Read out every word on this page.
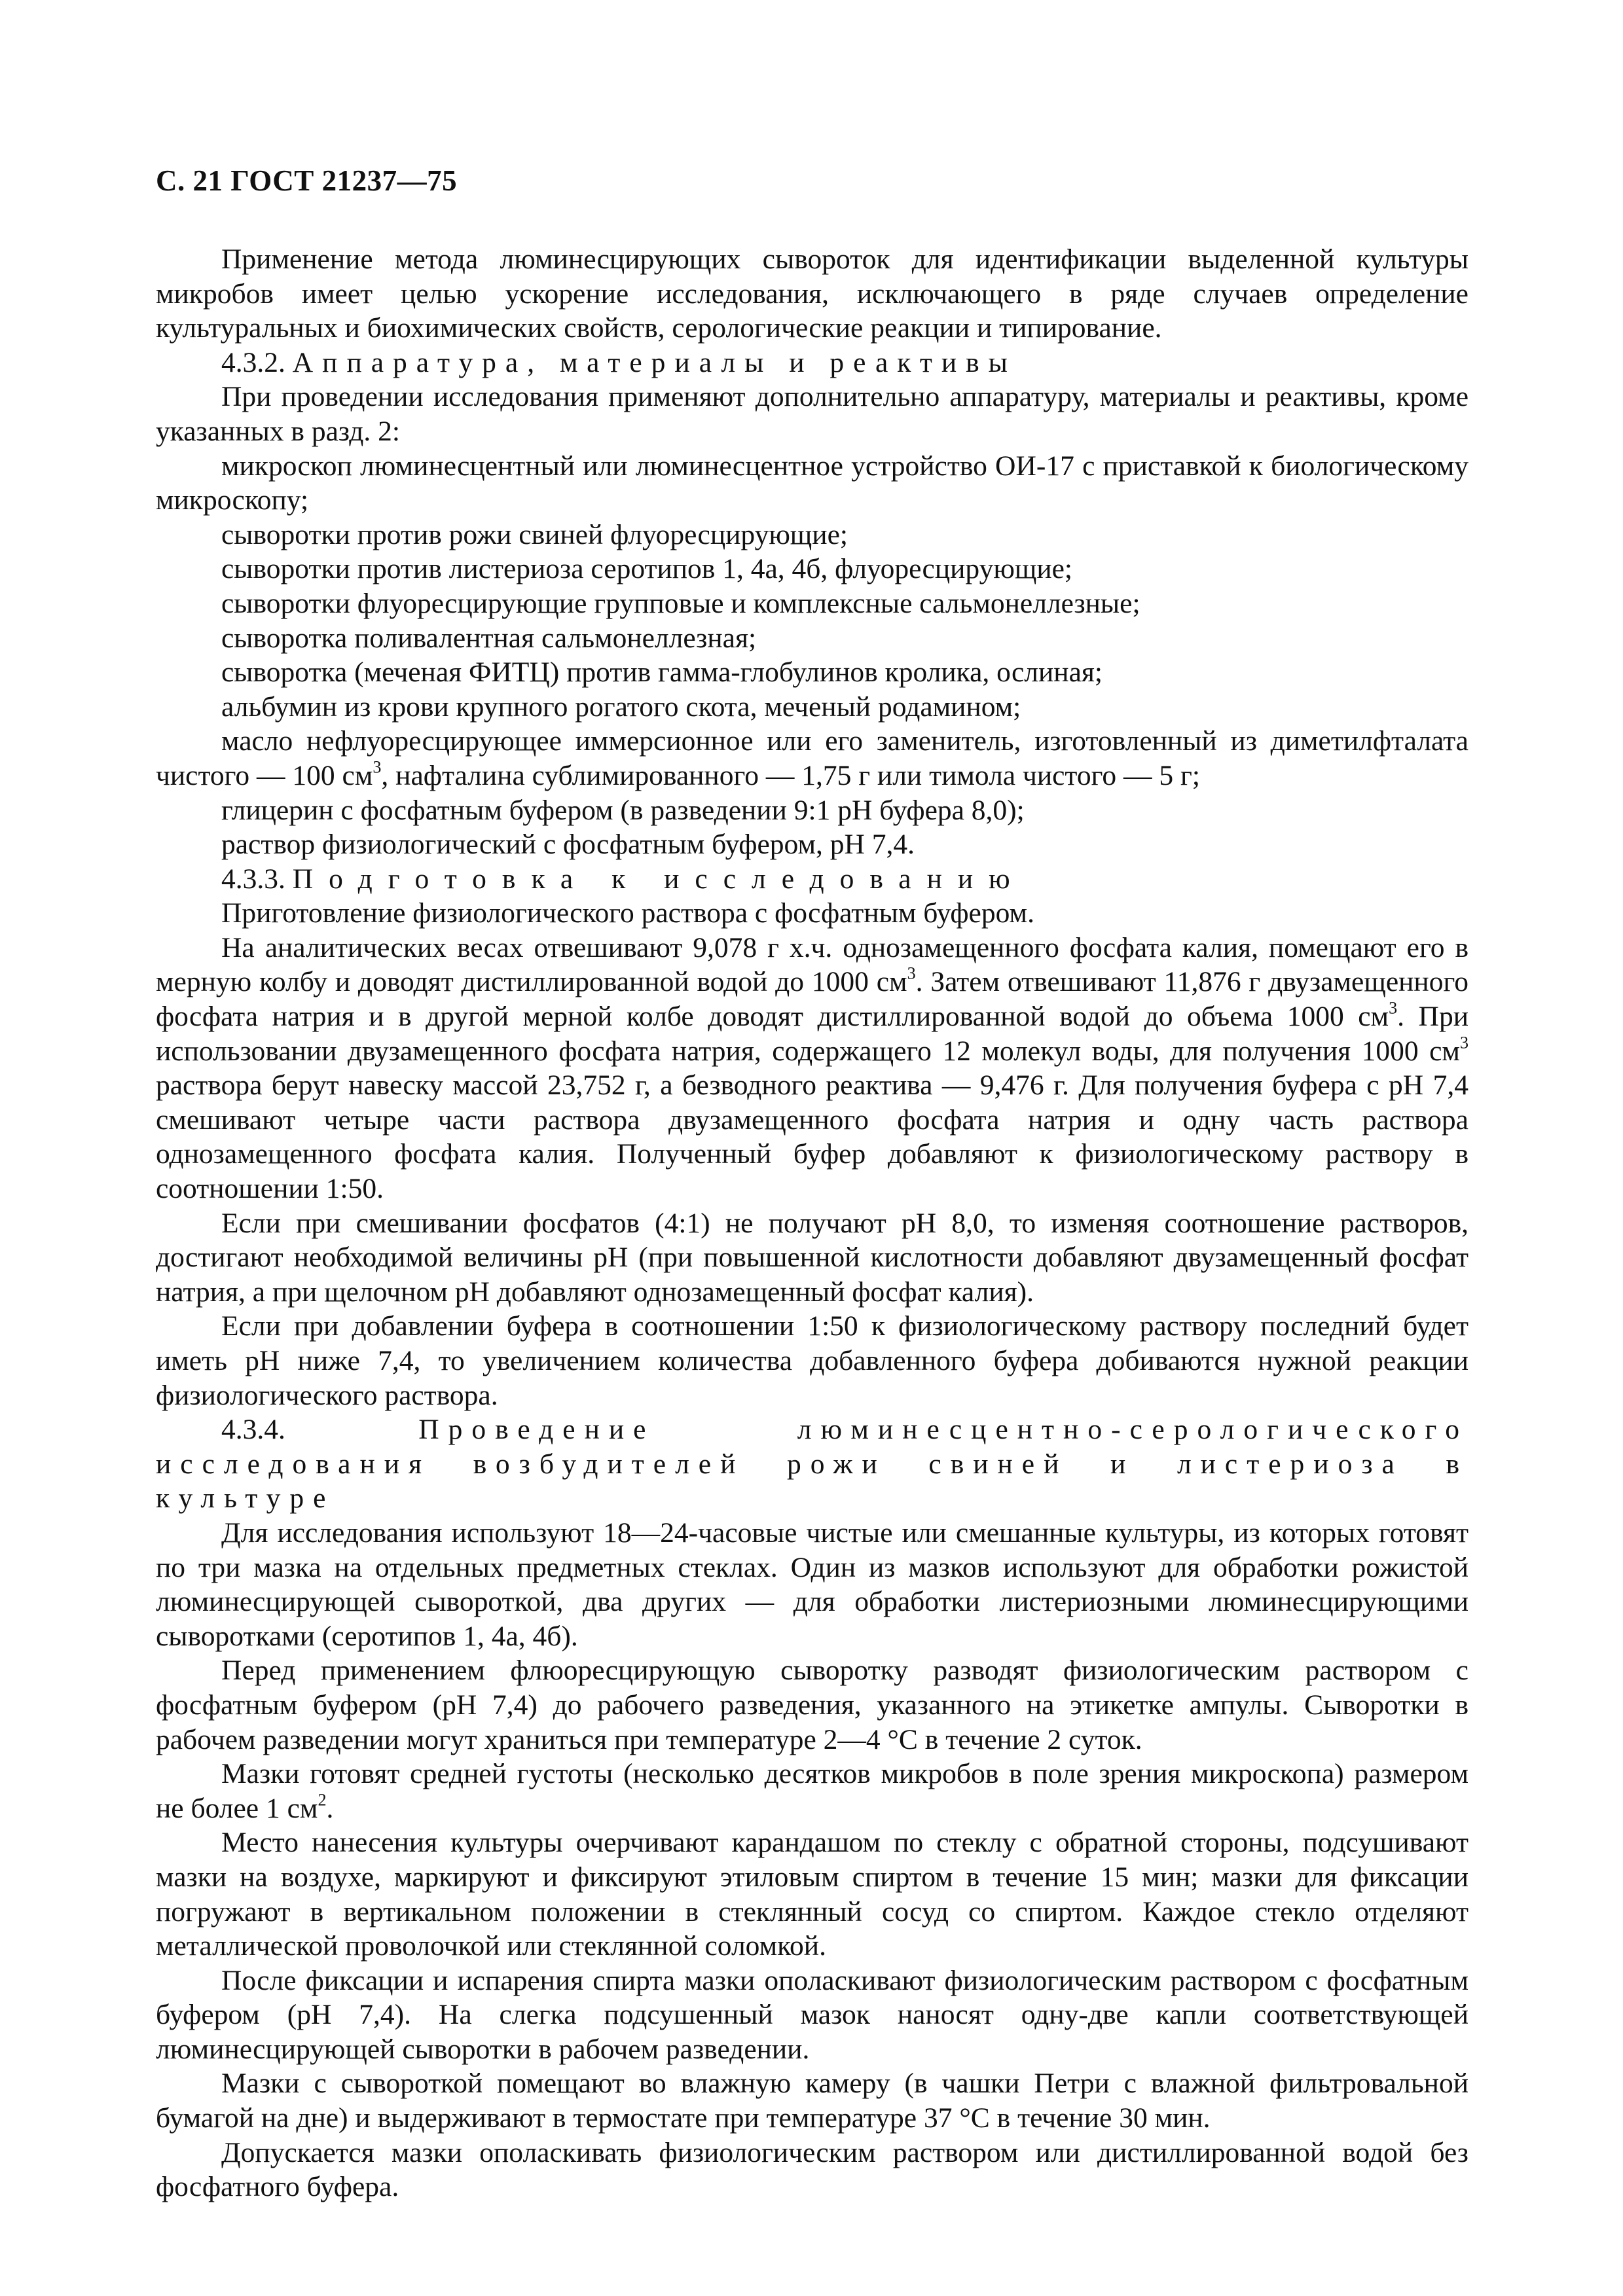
С. 21 ГОСТ 21237—75

Применение метода люминесцирующих сывороток для идентификации выделенной культуры микробов имеет целью ускорение исследования, исключающего в ряде случаев определение культуральных и биохимических свойств, серологические реакции и типирование.

4.3.2. Аппаратура, материалы и реактивы

При проведении исследования применяют дополнительно аппаратуру, материалы и реактивы, кроме указанных в разд. 2:

микроскоп люминесцентный или люминесцентное устройство ОИ-17 с приставкой к биологическому микроскопу;

сыворотки против рожи свиней флуоресцирующие;

сыворотки против листериоза серотипов 1, 4а, 4б, флуоресцирующие;

сыворотки флуоресцирующие групповые и комплексные сальмонеллезные;

сыворотка поливалентная сальмонеллезная;

сыворотка (меченая ФИТЦ) против гамма-глобулинов кролика, ослиная;

альбумин из крови крупного рогатого скота, меченый родамином;

масло нефлуоресцирующее иммерсионное или его заменитель, изготовленный из диметилфталата чистого — 100 $см^3$, нафталина сублимированного — 1,75 г или тимола чистого — 5 г;

глицерин с фосфатным буфером (в разведении 9:1 рН буфера 8,0);

раствор физиологический с фосфатным буфером, рН 7,4.

4.3.3. Подготовка к исследованию

Приготовление физиологического раствора с фосфатным буфером.

На аналитических весах отвешивают 9,078 г х.ч. однозамещенного фосфата калия, помещают его в мерную колбу и доводят дистиллированной водой до 1000 $см^3$. Затем отвешивают 11,876 г двузамещенного фосфата натрия и в другой мерной колбе доводят дистиллированной водой до объема 1000 $см^3$. При использовании двузамещенного фосфата натрия, содержащего 12 молекул воды, для получения 1000 $см^3$ раствора берут навеску массой 23,752 г, а безводного реактива — 9,476 г. Для получения буфера с рН 7,4 смешивают четыре части раствора двузамещенного фосфата натрия и одну часть раствора однозамещенного фосфата калия. Полученный буфер добавляют к физиологическому раствору в соотношении 1:50.

Если при смешивании фосфатов (4:1) не получают рН 8,0, то изменяя соотношение растворов, достигают необходимой величины рН (при повышенной кислотности добавляют двузамещенный фосфат натрия, а при щелочном рН добавляют однозамещенный фосфат калия).

Если при добавлении буфера в соотношении 1:50 к физиологическому раствору последний будет иметь рН ниже 7,4, то увеличением количества добавленного буфера добиваются нужной реакции физиологического раствора.

4.3.4.	Проведение люминесцентно-серологического исследования возбудителей рожи свиней и листериоза в культуре

Для исследования используют 18—24-часовые чистые или смешанные культуры, из которых готовят по три мазка на отдельных предметных стеклах. Один из мазков используют для обработки рожистой люминесцирующей сывороткой, два других — для обработки листериозными люминесцирующими сыворотками (серотипов 1, 4а, 4б).

Перед применением флюоресцирующую сыворотку разводят физиологическим раствором с фосфатным буфером (рН 7,4) до рабочего разведения, указанного на этикетке ампулы. Сыворотки в рабочем разведении могут храниться при температуре 2—4 °С в течение 2 суток.

Мазки готовят средней густоты (несколько десятков микробов в поле зрения микроскопа) размером не более 1 $см^2$.

Место нанесения культуры очерчивают карандашом по стеклу с обратной стороны, подсушивают мазки на воздухе, маркируют и фиксируют этиловым спиртом в течение 15 мин; мазки для фиксации погружают в вертикальном положении в стеклянный сосуд со спиртом. Каждое стекло отделяют металлической проволочкой или стеклянной соломкой.

После фиксации и испарения спирта мазки ополаскивают физиологическим раствором с фосфатным буфером (рН 7,4). На слегка подсушенный мазок наносят одну-две капли соответствующей люминесцирующей сыворотки в рабочем разведении.

Мазки с сывороткой помещают во влажную камеру (в чашки Петри с влажной фильтровальной бумагой на дне) и выдерживают в термостате при температуре 37 °С в течение 30 мин.

Допускается мазки ополаскивать физиологическим раствором или дистиллированной водой без фосфатного буфера.
